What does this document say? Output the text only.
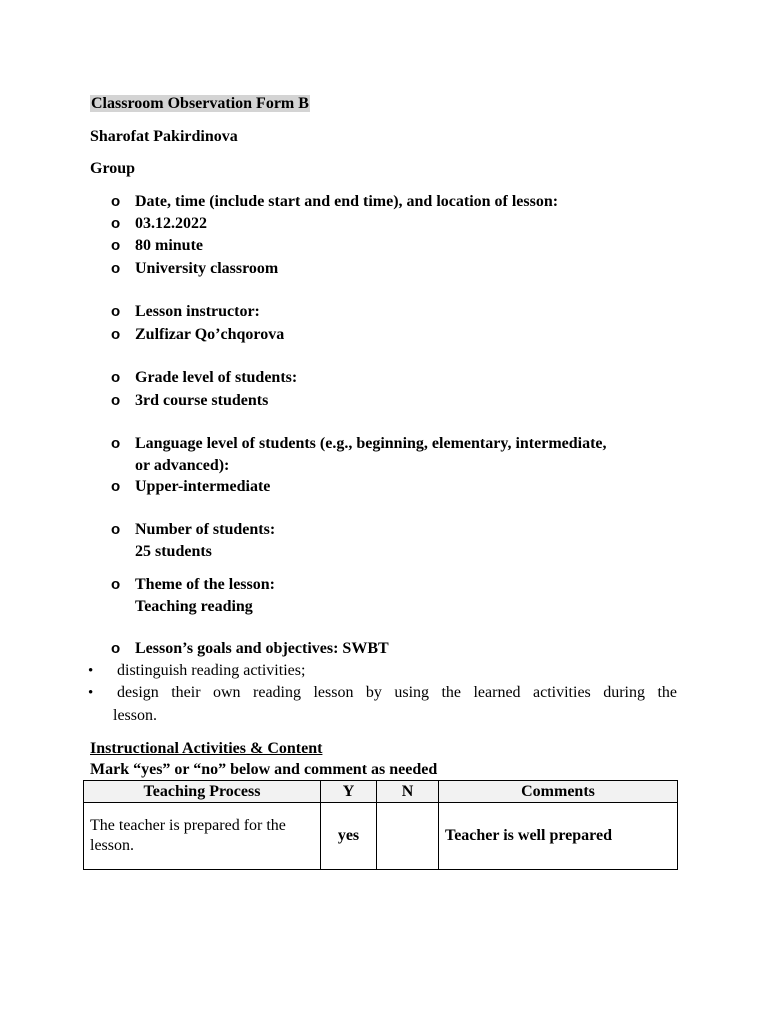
Classroom Observation Form B
Sharofat Pakirdinova
Group
o Date, time (include start and end time), and location of lesson:
o 03.12.2022
o 80 minute
o University classroom
o Lesson instructor:
o Zulfizar Qo’chqorova
o Grade level of students:
o 3rd course students
o Language level of students (e.g., beginning, elementary, intermediate,
or advanced):
o Upper-intermediate
o Number of students:
25 students
o Theme of the lesson:
Teaching reading
o Lesson’s goals and objectives: SWBT
•	distinguish reading activities;
•	design their own reading lesson by using the learned activities during the
lesson.
Instructional Activities & Content
Mark “yes” or “no” below and comment as needed
Teaching Process	Y	N	Comments
The teacher is prepared for the lesson.	yes		Teacher is well prepared
